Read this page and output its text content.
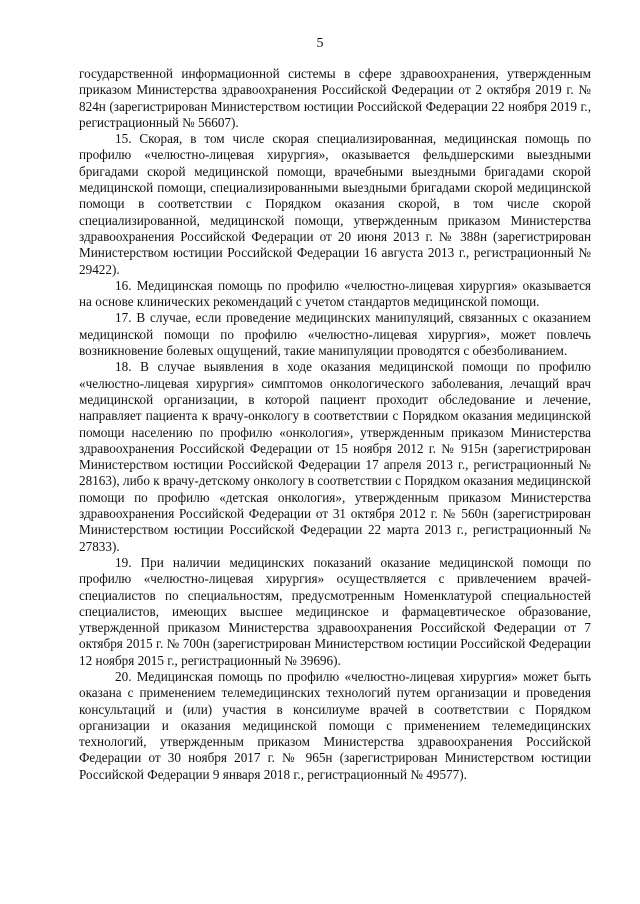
5

государственной информационной системы в сфере здравоохранения, утвержденным приказом Министерства здравоохранения Российской Федерации от 2 октября 2019 г. № 824н (зарегистрирован Министерством юстиции Российской Федерации 22 ноября 2019 г., регистрационный № 56607).

15. Скорая, в том числе скорая специализированная, медицинская помощь по профилю «челюстно-лицевая хирургия», оказывается фельдшерскими выездными бригадами скорой медицинской помощи, врачебными выездными бригадами скорой медицинской помощи, специализированными выездными бригадами скорой медицинской помощи в соответствии с Порядком оказания скорой, в том числе скорой специализированной, медицинской помощи, утвержденным приказом Министерства здравоохранения Российской Федерации от 20 июня 2013 г. № 388н (зарегистрирован Министерством юстиции Российской Федерации 16 августа 2013 г., регистрационный № 29422).

16. Медицинская помощь по профилю «челюстно-лицевая хирургия» оказывается на основе клинических рекомендаций с учетом стандартов медицинской помощи.

17. В случае, если проведение медицинских манипуляций, связанных с оказанием медицинской помощи по профилю «челюстно-лицевая хирургия», может повлечь возникновение болевых ощущений, такие манипуляции проводятся с обезболиванием.

18. В случае выявления в ходе оказания медицинской помощи по профилю «челюстно-лицевая хирургия» симптомов онкологического заболевания, лечащий врач медицинской организации, в которой пациент проходит обследование и лечение, направляет пациента к врачу-онкологу в соответствии с Порядком оказания медицинской помощи населению по профилю «онкология», утвержденным приказом Министерства здравоохранения Российской Федерации от 15 ноября 2012 г. № 915н (зарегистрирован Министерством юстиции Российской Федерации 17 апреля 2013 г., регистрационный № 28163), либо к врачу-детскому онкологу в соответствии с Порядком оказания медицинской помощи по профилю «детская онкология», утвержденным приказом Министерства здравоохранения Российской Федерации от 31 октября 2012 г. № 560н (зарегистрирован Министерством юстиции Российской Федерации 22 марта 2013 г., регистрационный № 27833).

19. При наличии медицинских показаний оказание медицинской помощи по профилю «челюстно-лицевая хирургия» осуществляется с привлечением врачей-специалистов по специальностям, предусмотренным Номенклатурой специальностей специалистов, имеющих высшее медицинское и фармацевтическое образование, утвержденной приказом Министерства здравоохранения Российской Федерации от 7 октября 2015 г. № 700н (зарегистрирован Министерством юстиции Российской Федерации 12 ноября 2015 г., регистрационный № 39696).

20. Медицинская помощь по профилю «челюстно-лицевая хирургия» может быть оказана с применением телемедицинских технологий путем организации и проведения консультаций и (или) участия в консилиуме врачей в соответствии с Порядком организации и оказания медицинской помощи с применением телемедицинских технологий, утвержденным приказом Министерства здравоохранения Российской Федерации от 30 ноября 2017 г. № 965н (зарегистрирован Министерством юстиции Российской Федерации 9 января 2018 г., регистрационный № 49577).
